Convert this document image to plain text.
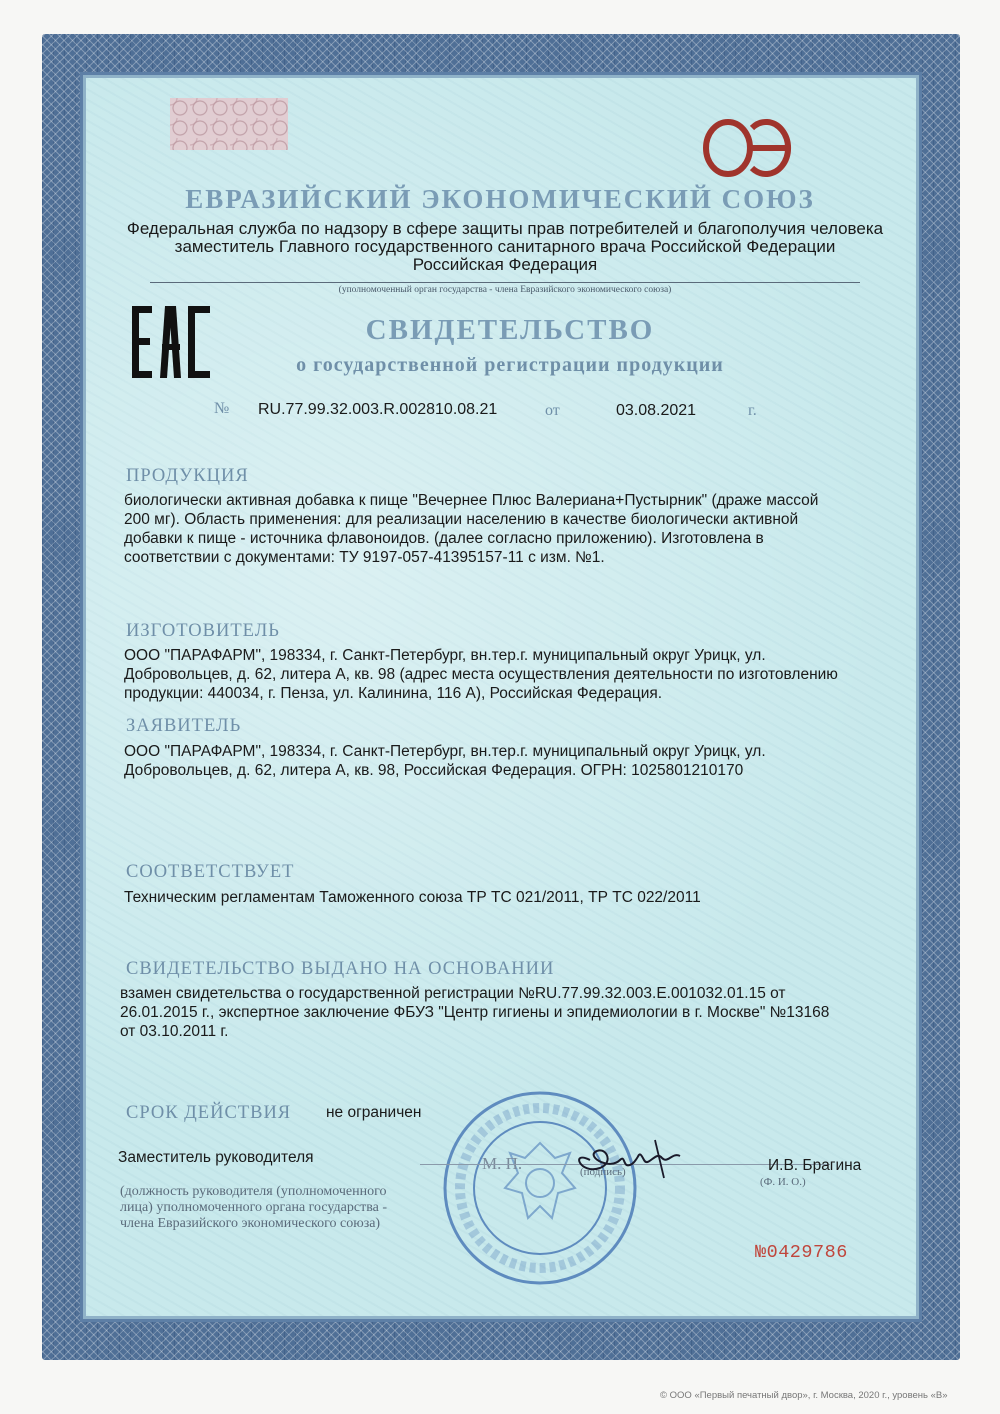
ЕВРАЗИЙСКИЙ ЭКОНОМИЧЕСКИЙ СОЮЗ
Федеральная служба по надзору в сфере защиты прав потребителей и благополучия человека
заместитель Главного государственного санитарного врача Российской Федерации
Российская Федерация
(уполномоченный орган государства - члена Евразийского экономического союза)
СВИДЕТЕЛЬСТВО
о государственной регистрации продукции
№ RU.77.99.32.003.R.002810.08.21	от	03.08.2021	г.
ПРОДУКЦИЯ
биологически активная добавка к пище "Вечернее Плюс Валериана+Пустырник" (драже массой
200 мг). Область применения: для реализации населению в качестве биологически активной
добавки к пище - источника флавоноидов. (далее согласно приложению). Изготовлена в
соответствии с документами: ТУ 9197-057-41395157-11 с изм. №1.
ИЗГОТОВИТЕЛЬ
ООО "ПАРАФАРМ", 198334, г. Санкт-Петербург, вн.тер.г. муниципальный округ Урицк, ул.
Добровольцев, д. 62, литера А, кв. 98 (адрес места осуществления деятельности по изготовлению
продукции: 440034, г. Пенза, ул. Калинина, 116 А), Российская Федерация.
ЗАЯВИТЕЛЬ
ООО "ПАРАФАРМ", 198334, г. Санкт-Петербург, вн.тер.г. муниципальный округ Урицк, ул.
Добровольцев, д. 62, литера А, кв. 98, Российская Федерация. ОГРН: 1025801210170
СООТВЕТСТВУЕТ
Техническим регламентам Таможенного союза ТР ТС 021/2011, ТР ТС 022/2011
СВИДЕТЕЛЬСТВО ВЫДАНО НА ОСНОВАНИИ
взамен свидетельства о государственной регистрации №RU.77.99.32.003.Е.001032.01.15 от
26.01.2015 г., экспертное заключение ФБУЗ "Центр гигиены и эпидемиологии в г. Москве" №13168
от 03.10.2011 г.
СРОК ДЕЙСТВИЯ не ограничен
Заместитель руководителя	М. П.	(подпись)	И.В. Брагина
(Ф. И. О.)
(должность руководителя (уполномоченного
лица) уполномоченного органа государства -
члена Евразийского экономического союза)
№0429786
© ООО «Первый печатный двор», г. Москва, 2020 г., уровень «В»
